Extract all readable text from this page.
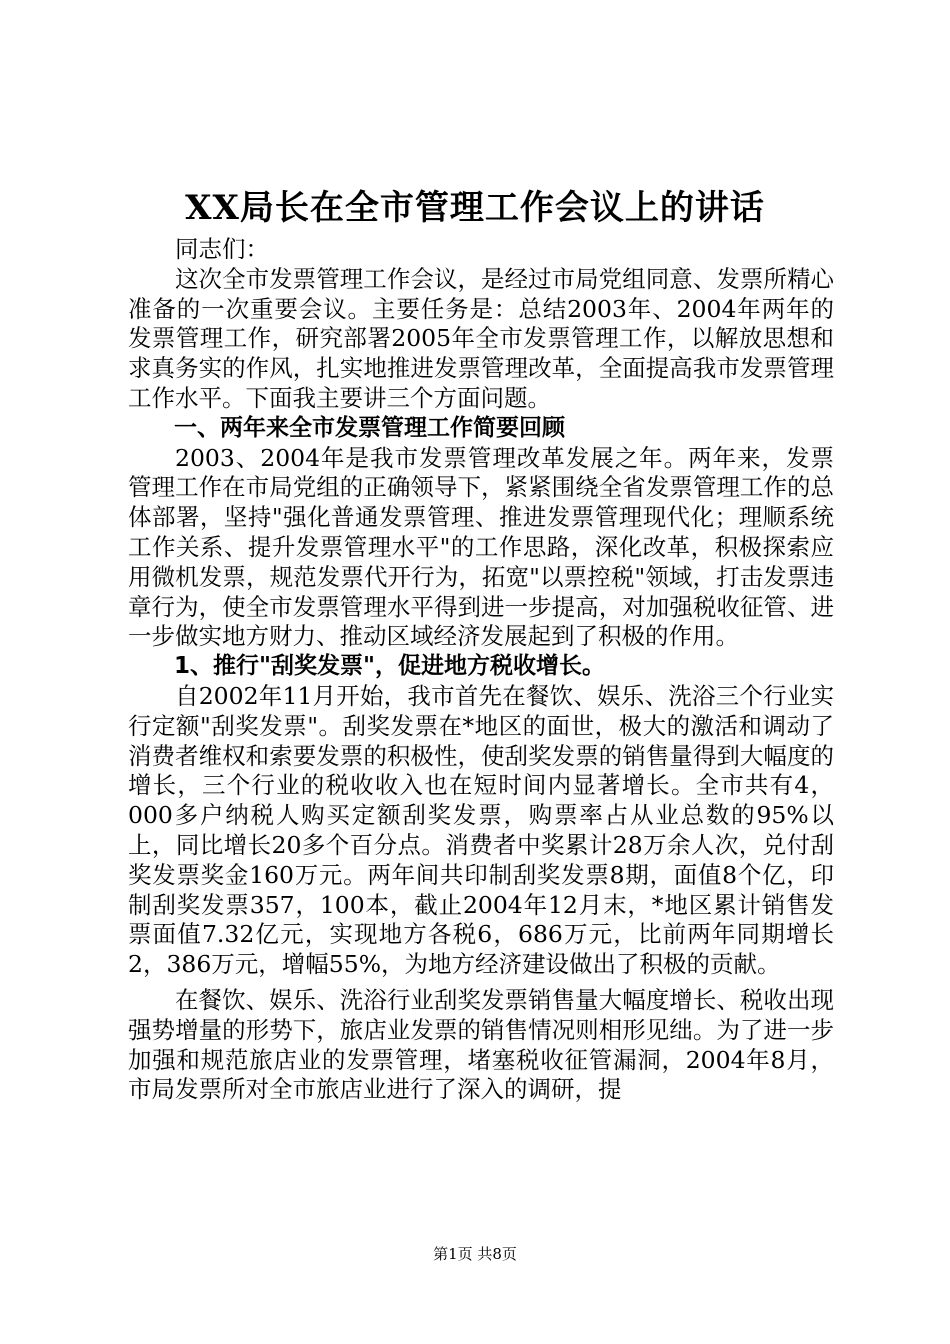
XX局长在全市管理工作会议上的讲话

同志们：

这次全市发票管理工作会议，是经过市局党组同意、发票所精心准备的一次重要会议。主要任务是：总结2003年、2004年两年的发票管理工作，研究部署2005年全市发票管理工作，以解放思想和求真务实的作风，扎实地推进发票管理改革，全面提高我市发票管理工作水平。下面我主要讲三个方面问题。

一、两年来全市发票管理工作简要回顾

2003、2004年是我市发票管理改革发展之年。两年来，发票管理工作在市局党组的正确领导下，紧紧围绕全省发票管理工作的总体部署，坚持"强化普通发票管理、推进发票管理现代化；理顺系统工作关系、提升发票管理水平"的工作思路，深化改革，积极探索应用微机发票，规范发票代开行为，拓宽"以票控税"领域，打击发票违章行为，使全市发票管理水平得到进一步提高，对加强税收征管、进一步做实地方财力、推动区域经济发展起到了积极的作用。

1、推行"刮奖发票"，促进地方税收增长。

自2002年11月开始，我市首先在餐饮、娱乐、洗浴三个行业实行定额"刮奖发票"。刮奖发票在*地区的面世，极大的激活和调动了消费者维权和索要发票的积极性，使刮奖发票的销售量得到大幅度的增长，三个行业的税收收入也在短时间内显著增长。全市共有4，000多户纳税人购买定额刮奖发票，购票率占从业总数的95%以上，同比增长20多个百分点。消费者中奖累计28万余人次，兑付刮奖发票奖金160万元。两年间共印制刮奖发票8期，面值8个亿，印制刮奖发票357，100本，截止2004年12月末，*地区累计销售发票面值7.32亿元，实现地方各税6，686万元，比前两年同期增长2，386万元，增幅55%，为地方经济建设做出了积极的贡献。

在餐饮、娱乐、洗浴行业刮奖发票销售量大幅度增长、税收出现强势增量的形势下，旅店业发票的销售情况则相形见绌。为了进一步加强和规范旅店业的发票管理，堵塞税收征管漏洞，2004年8月，市局发票所对全市旅店业进行了深入的调研，提

第1页 共8页
